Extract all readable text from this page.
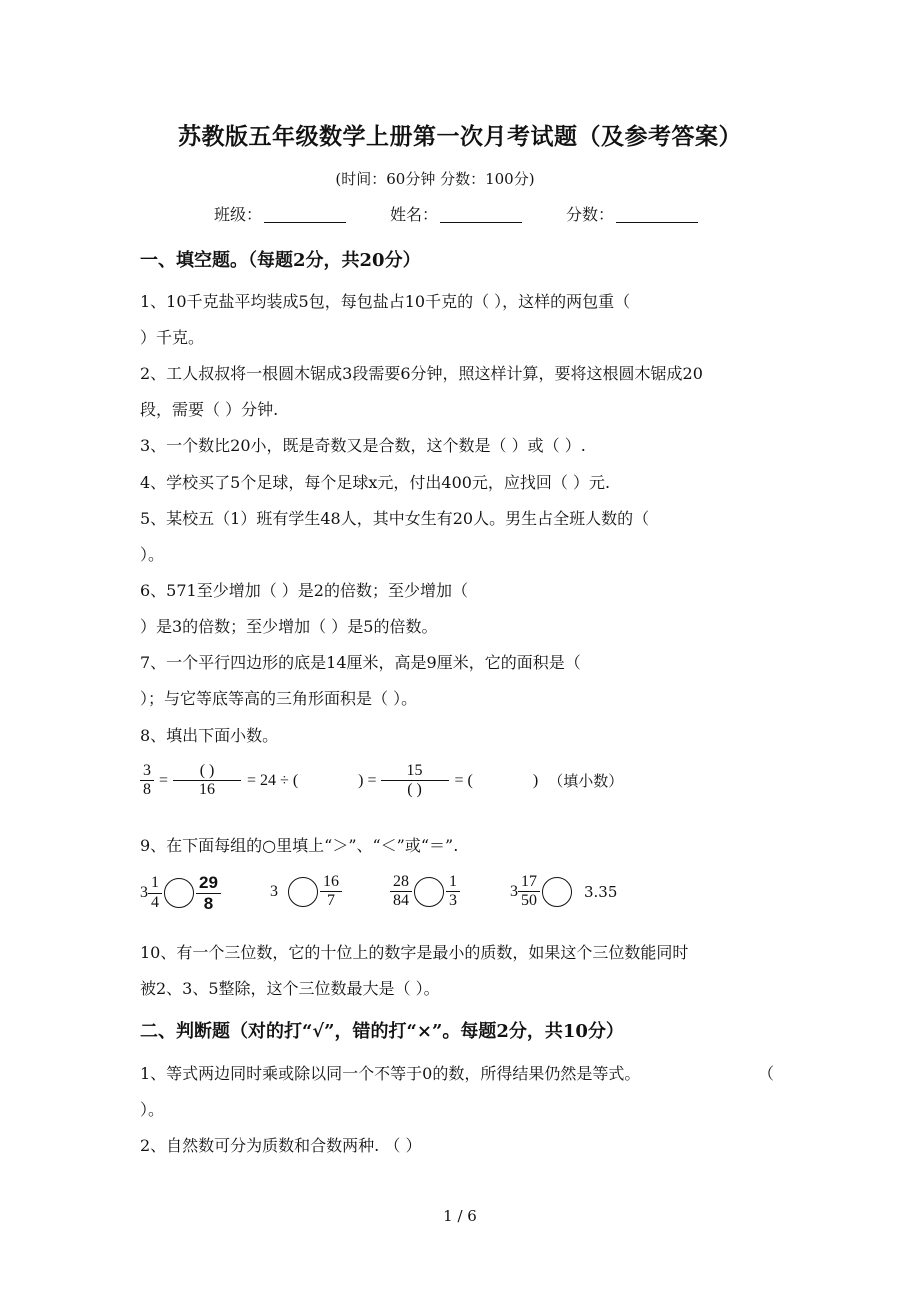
苏教版五年级数学上册第一次月考试题（及参考答案）
(时间：60分钟 分数：100分)
班级：	姓名：	分数：
一、填空题。（每题2分，共20分）
1、10千克盐平均装成5包，每包盐占10千克的（ ），这样的两包重（
）千克。
2、工人叔叔将一根圆木锯成3段需要6分钟，照这样计算，要将这根圆木锯成20
段，需要（ ）分钟.
3、一个数比20小，既是奇数又是合数，这个数是（ ）或（ ）.
4、学校买了5个足球，每个足球x元，付出400元，应找回（ ）元.
5、某校五（1）班有学生48人，其中女生有20人。男生占全班人数的（
）。
6、571至少增加（ ）是2的倍数；至少增加（
）是3的倍数；至少增加（ ）是5的倍数。
7、一个平行四边形的底是14厘米，高是9厘米，它的面积是（
）；与它等底等高的三角形面积是（ ）。
8、填出下面小数。
$\frac{3}{8} = \frac{( )}{16} = 24$ ÷ (	) = $\frac{15}{( )}$ = (	) （填小数）
9、在下面每组的○里填上“＞”、“＜”或“＝”.
$3 \frac{1}{4} \frac{29}{8}$	3	$\frac{16}{7}$	$\frac{28}{84} \frac{1}{3}$	$3 \frac{17}{50}$	3.35
10、有一个三位数，它的十位上的数字是最小的质数，如果这个三位数能同时
被2、3、5整除，这个三位数最大是（ ）。
二、判断题（对的打“√”，错的打“×”。每题2分，共10分）
1、等式两边同时乘或除以同一个不等于0的数，所得结果仍然是等式。	（
）。
2、自然数可分为质数和合数两种. （ ）
1 / 6
